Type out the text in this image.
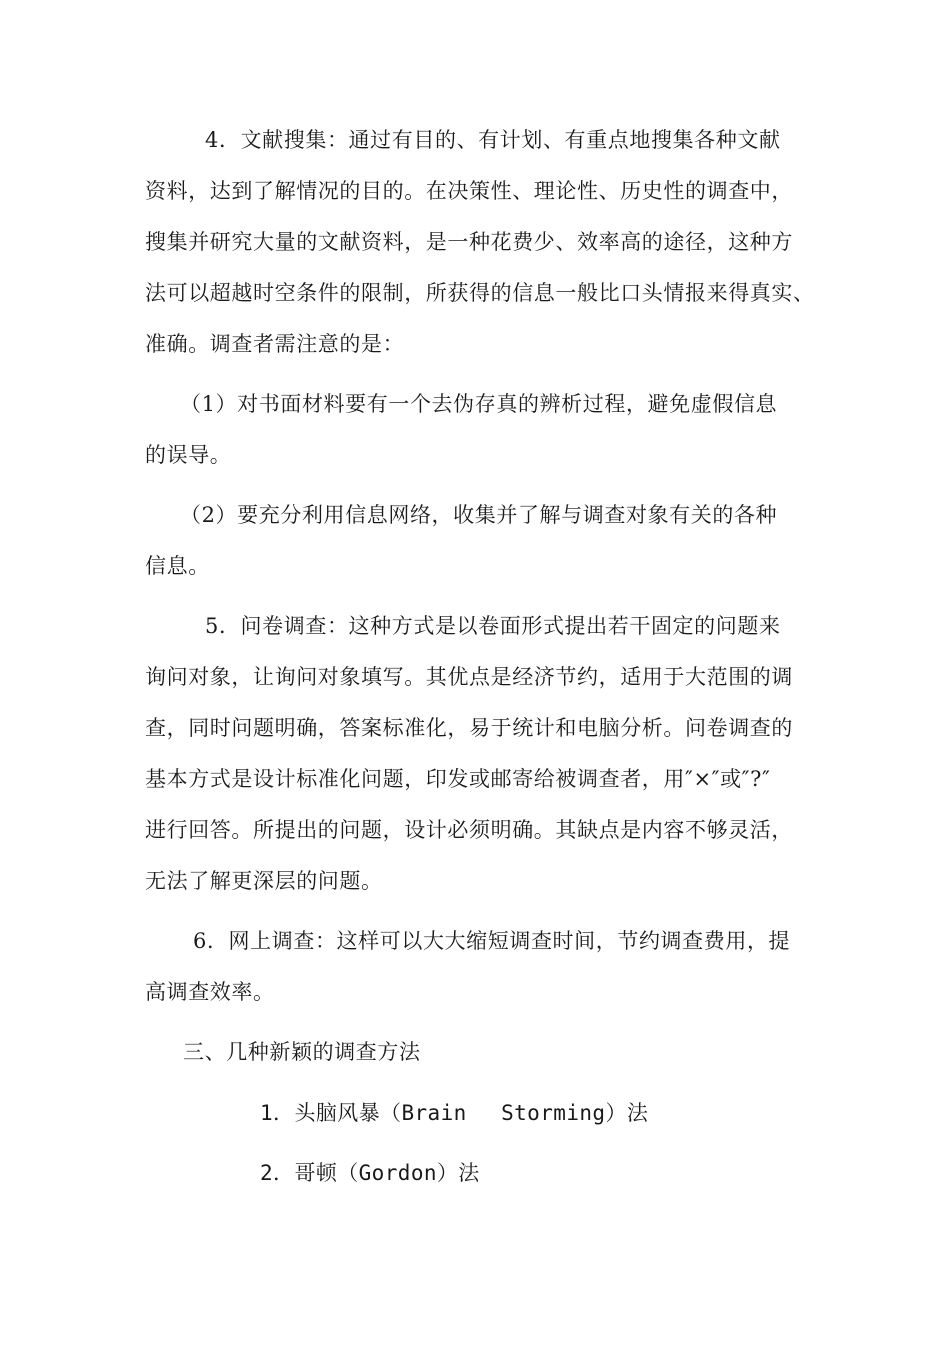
4．文献搜集：通过有目的、有计划、有重点地搜集各种文献
资料，达到了解情况的目的。在决策性、理论性、历史性的调查中，
搜集并研究大量的文献资料，是一种花费少、效率高的途径，这种方
法可以超越时空条件的限制，所获得的信息一般比口头情报来得真实、
准确。调查者需注意的是：
（1）对书面材料要有一个去伪存真的辨析过程，避免虚假信息
的误导。
（2）要充分利用信息网络，收集并了解与调查对象有关的各种
信息。
5．问卷调查：这种方式是以卷面形式提出若干固定的问题来
询问对象，让询问对象填写。其优点是经济节约，适用于大范围的调
查，同时问题明确，答案标准化，易于统计和电脑分析。问卷调查的
基本方式是设计标准化问题，印发或邮寄给被调查者，用″×″或″?″
进行回答。所提出的问题，设计必须明确。其缺点是内容不够灵活，
无法了解更深层的问题。
6．网上调查：这样可以大大缩短调查时间，节约调查费用，提
高调查效率。
三、几种新颖的调查方法
1．头脑风暴（Brain　 Storming）法
2．哥顿（Gordon）法
